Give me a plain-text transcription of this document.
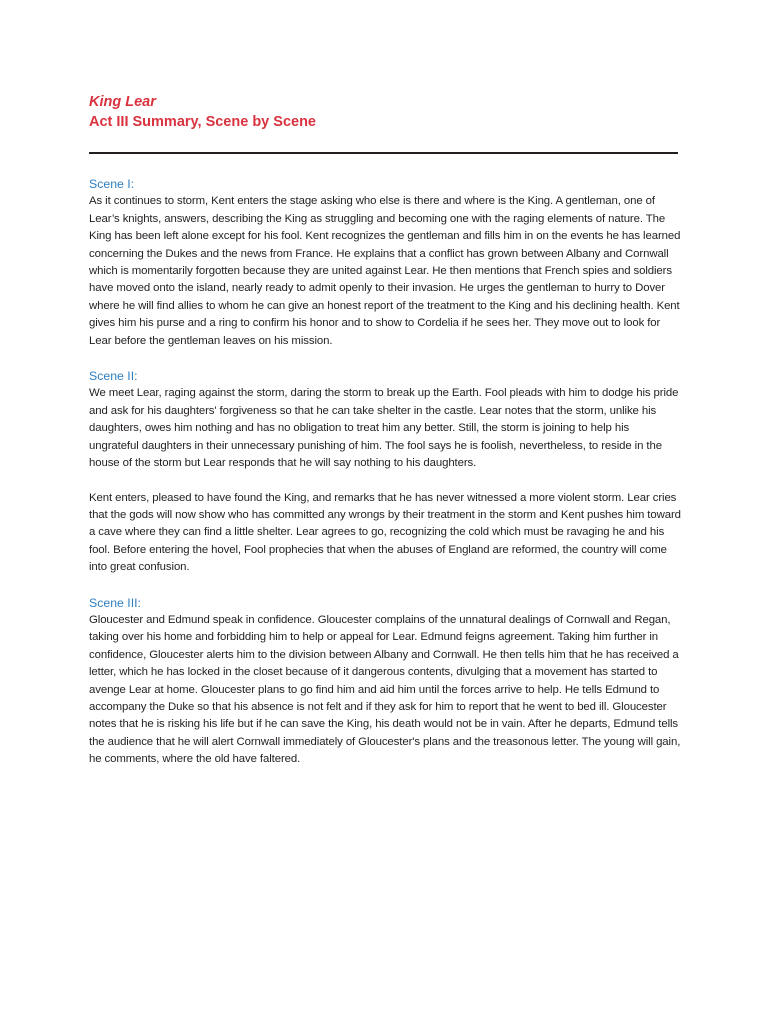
King Lear

Act III Summary, Scene by Scene

Scene I:

As it continues to storm, Kent enters the stage asking who else is there and where is the King. A gentleman, one of Lear’s knights, answers, describing the King as struggling and becoming one with the raging elements of nature. The King has been left alone except for his fool. Kent recognizes the gentleman and fills him in on the events he has learned concerning the Dukes and the news from France. He explains that a conflict has grown between Albany and Cornwall which is momentarily forgotten because they are united against Lear. He then mentions that French spies and soldiers have moved onto the island, nearly ready to admit openly to their invasion. He urges the gentleman to hurry to Dover where he will find allies to whom he can give an honest report of the treatment to the King and his declining health. Kent gives him his purse and a ring to confirm his honor and to show to Cordelia if he sees her. They move out to look for Lear before the gentleman leaves on his mission.

Scene II:

We meet Lear, raging against the storm, daring the storm to break up the Earth. Fool pleads with him to dodge his pride and ask for his daughters' forgiveness so that he can take shelter in the castle. Lear notes that the storm, unlike his daughters, owes him nothing and has no obligation to treat him any better. Still, the storm is joining to help his ungrateful daughters in their unnecessary punishing of him. The fool says he is foolish, nevertheless, to reside in the house of the storm but Lear responds that he will say nothing to his daughters.

Kent enters, pleased to have found the King, and remarks that he has never witnessed a more violent storm. Lear cries that the gods will now show who has committed any wrongs by their treatment in the storm and Kent pushes him toward a cave where they can find a little shelter. Lear agrees to go, recognizing the cold which must be ravaging he and his fool. Before entering the hovel, Fool prophecies that when the abuses of England are reformed, the country will come into great confusion.

Scene III:

Gloucester and Edmund speak in confidence. Gloucester complains of the unnatural dealings of Cornwall and Regan, taking over his home and forbidding him to help or appeal for Lear. Edmund feigns agreement. Taking him further in confidence, Gloucester alerts him to the division between Albany and Cornwall. He then tells him that he has received a letter, which he has locked in the closet because of it dangerous contents, divulging that a movement has started to avenge Lear at home. Gloucester plans to go find him and aid him until the forces arrive to help. He tells Edmund to accompany the Duke so that his absence is not felt and if they ask for him to report that he went to bed ill. Gloucester notes that he is risking his life but if he can save the King, his death would not be in vain. After he departs, Edmund tells the audience that he will alert Cornwall immediately of Gloucester's plans and the treasonous letter. The young will gain, he comments, where the old have faltered.
